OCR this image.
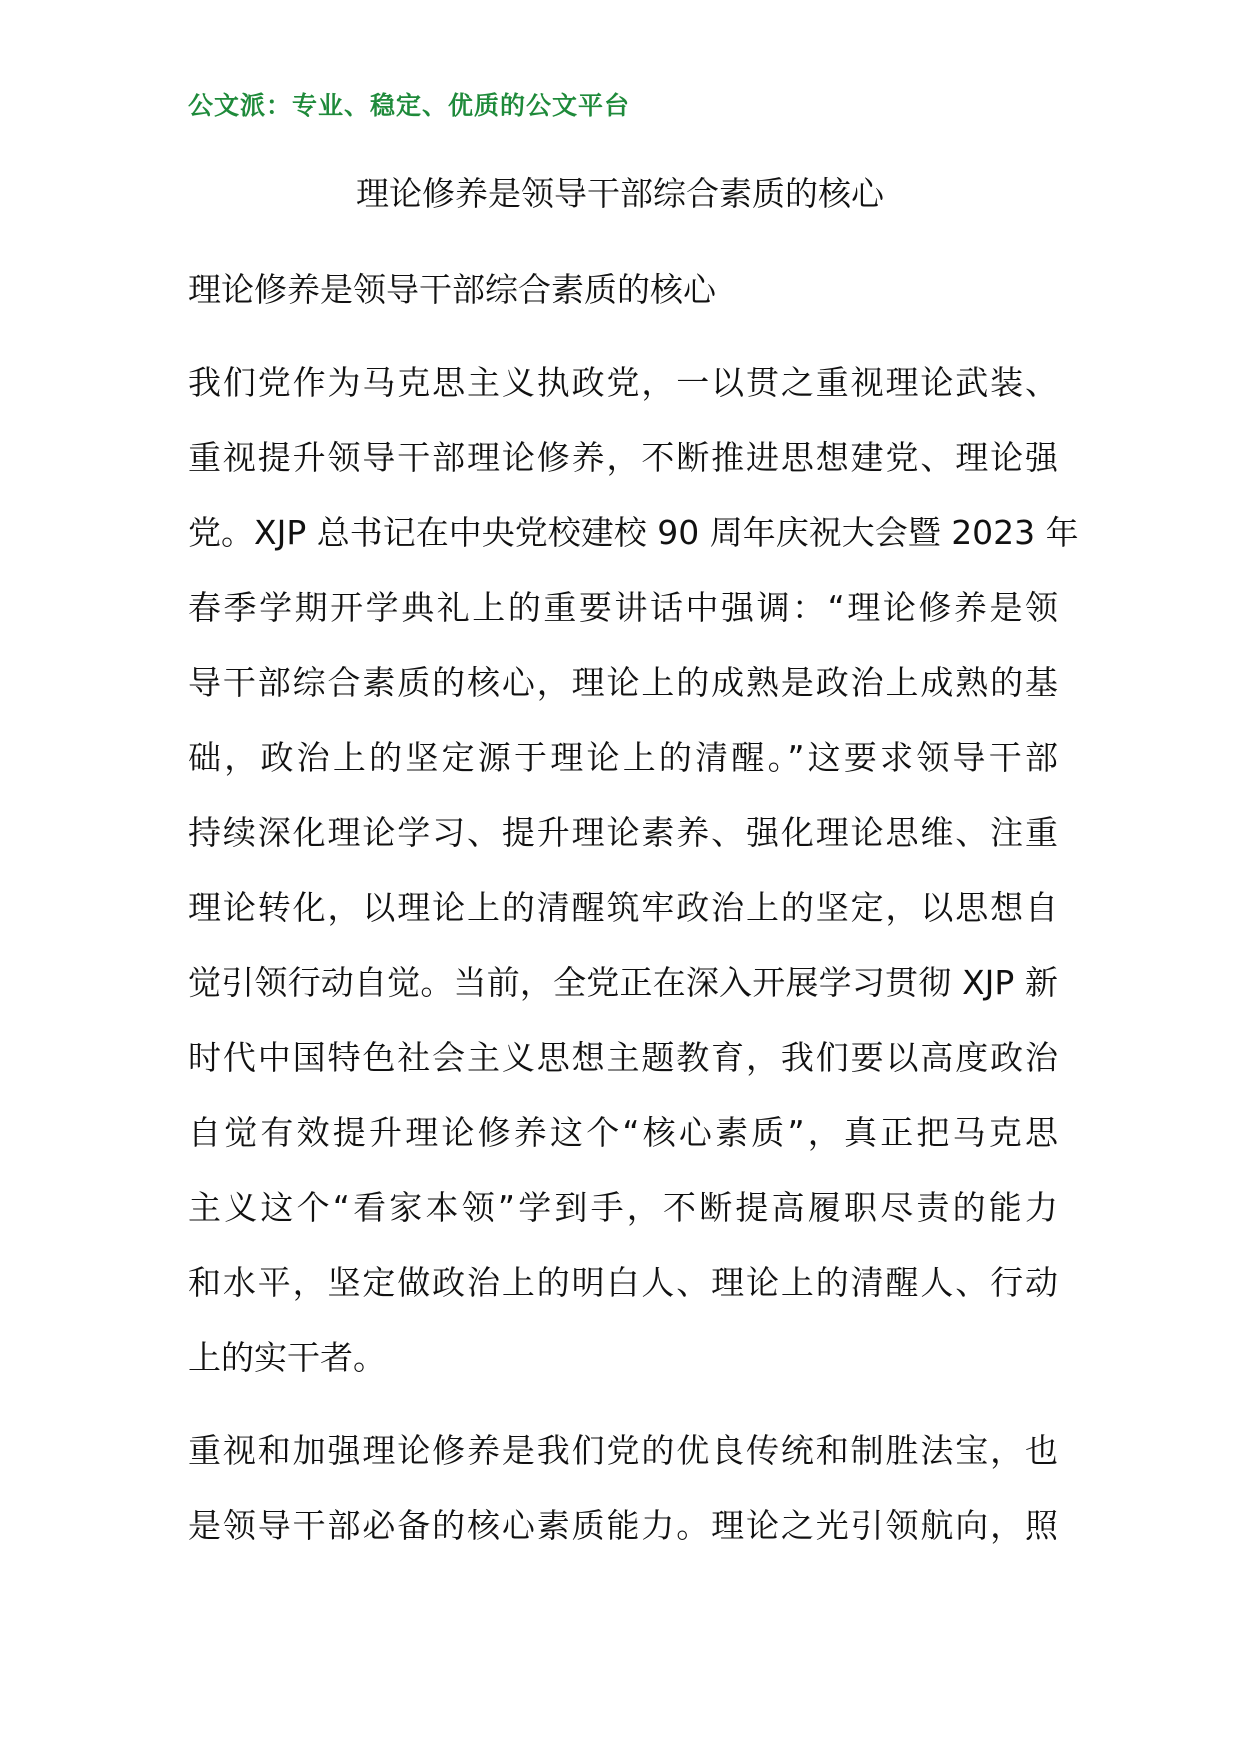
公文派：专业、稳定、优质的公文平台
理论修养是领导干部综合素质的核心
理论修养是领导干部综合素质的核心
我们党作为马克思主义执政党，一以贯之重视理论武装、
重视提升领导干部理论修养，不断推进思想建党、理论强
党。XJP 总书记在中央党校建校 90 周年庆祝大会暨 2023 年
春季学期开学典礼上的重要讲话中强调：“理论修养是领
导干部综合素质的核心，理论上的成熟是政治上成熟的基
础，政治上的坚定源于理论上的清醒。”这要求领导干部
持续深化理论学习、提升理论素养、强化理论思维、注重
理论转化，以理论上的清醒筑牢政治上的坚定，以思想自
觉引领行动自觉。当前，全党正在深入开展学习贯彻 XJP 新
时代中国特色社会主义思想主题教育，我们要以高度政治
自觉有效提升理论修养这个“核心素质”，真正把马克思
主义这个“看家本领”学到手，不断提高履职尽责的能力
和水平，坚定做政治上的明白人、理论上的清醒人、行动
上的实干者。
重视和加强理论修养是我们党的优良传统和制胜法宝，也
是领导干部必备的核心素质能力。理论之光引领航向，照
